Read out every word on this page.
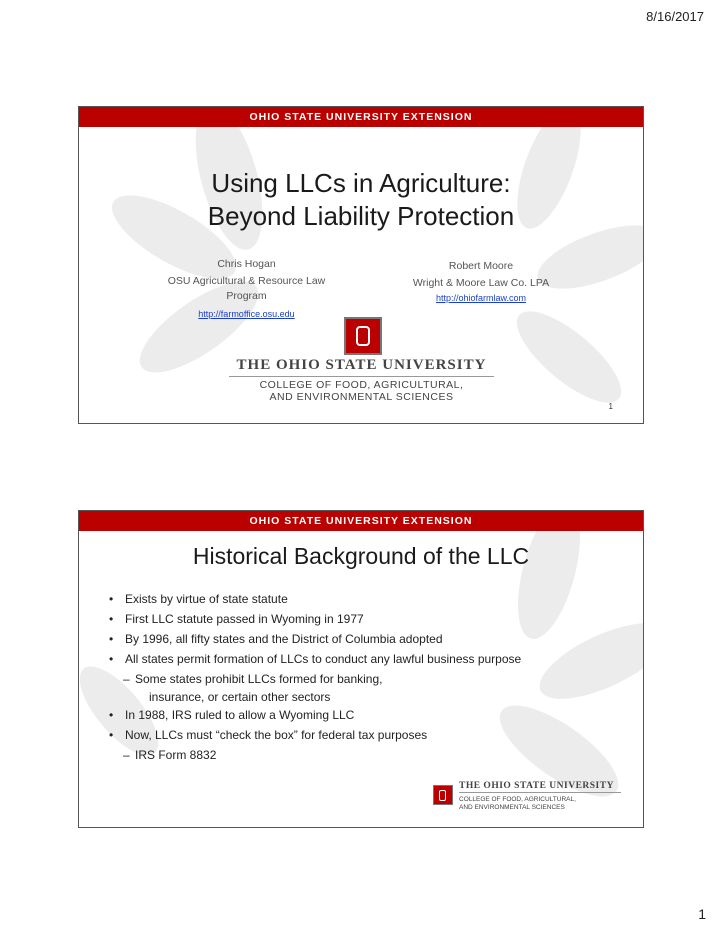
8/16/2017
OHIO STATE UNIVERSITY EXTENSION
Using LLCs in Agriculture:
Beyond Liability Protection
Chris Hogan
OSU Agricultural & Resource Law
Program
http://farmoffice.osu.edu
Robert Moore
Wright & Moore Law Co. LPA
http://ohiofarmlaw.com
THE OHIO STATE UNIVERSITY
COLLEGE OF FOOD, AGRICULTURAL,
AND ENVIRONMENTAL SCIENCES
1
OHIO STATE UNIVERSITY EXTENSION
Historical Background of the LLC
• Exists by virtue of state statute
• First LLC statute passed in Wyoming in 1977
• By 1996, all fifty states and the District of Columbia adopted
• All states permit formation of LLCs to conduct any lawful business purpose
– Some states prohibit LLCs formed for banking,
insurance, or certain other sectors
• In 1988, IRS ruled to allow a Wyoming LLC
• Now, LLCs must “check the box” for federal tax purposes
– IRS Form 8832
THE OHIO STATE UNIVERSITY
COLLEGE OF FOOD, AGRICULTURAL,
AND ENVIRONMENTAL SCIENCES
1
